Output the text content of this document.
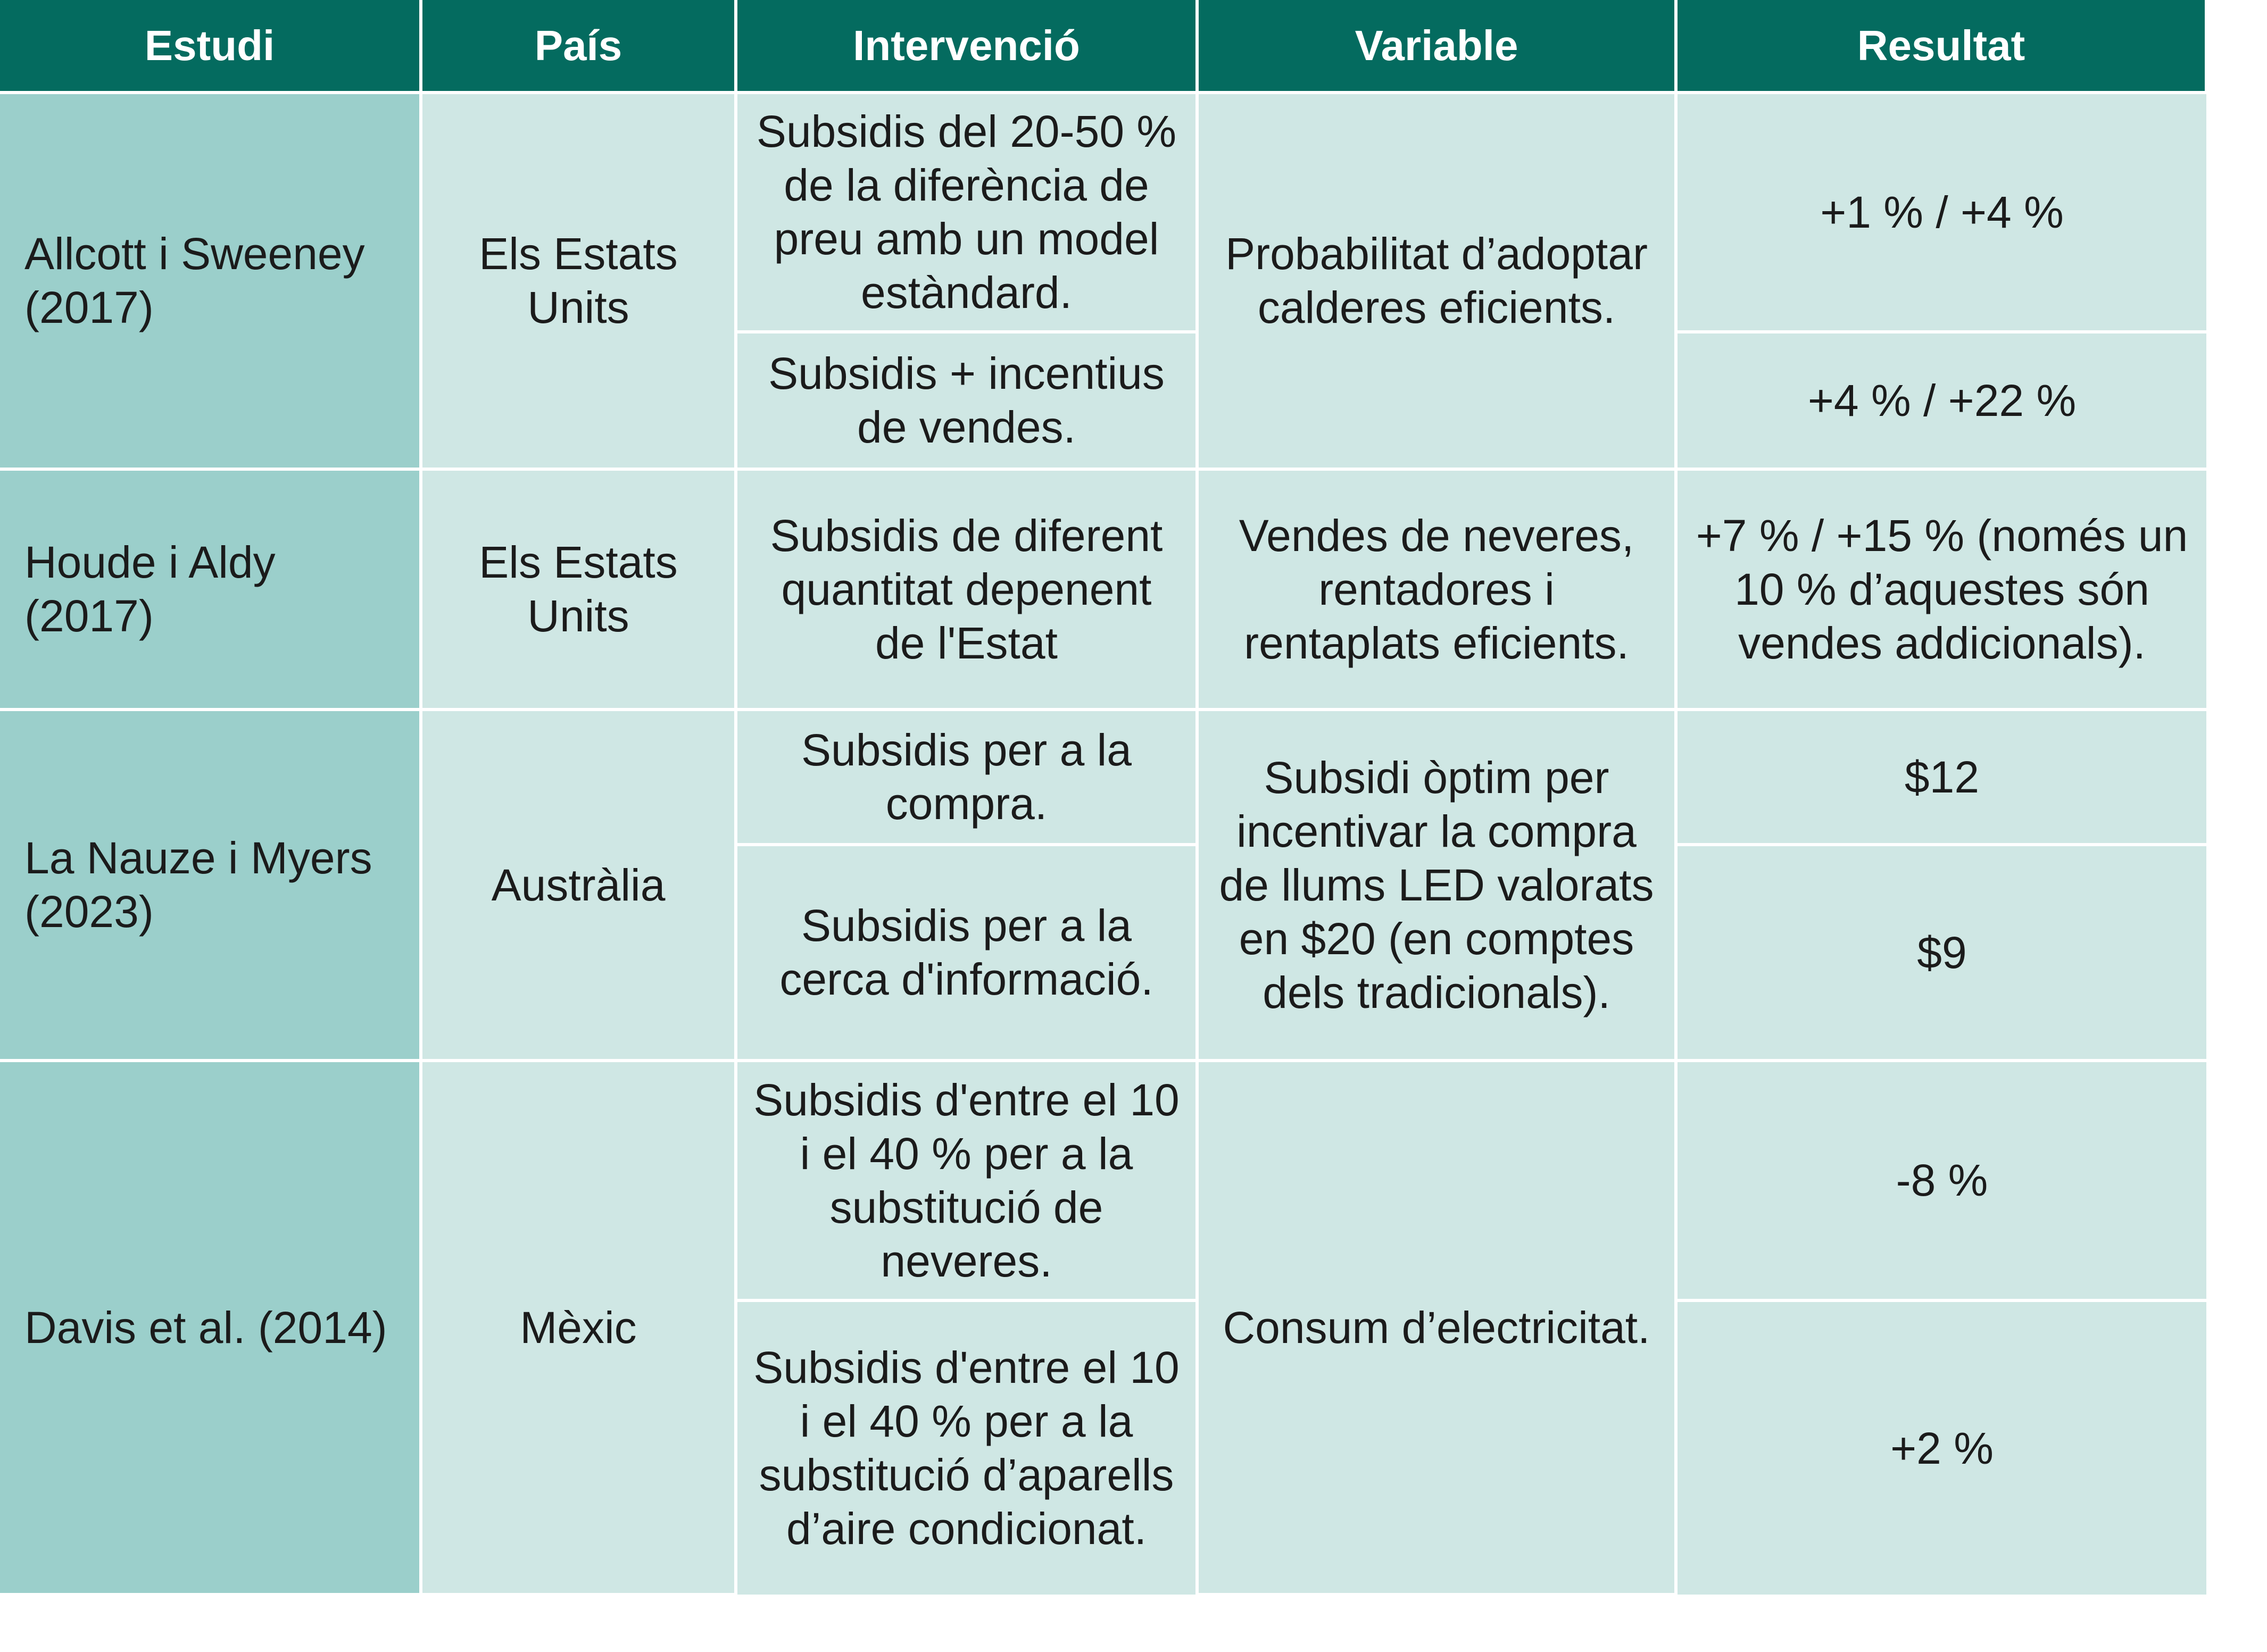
Estudi	País	Intervenció	Variable	Resultat
Allcott i Sweeney (2017)	Els Estats Units	Subsidis del 20-50 % de la diferència de preu amb un model estàndard.	Probabilitat d’adoptar calderes eficients.	+1 % / +4 %
		Subsidis + incentius de vendes.		+4 % / +22 %
Houde i Aldy (2017)	Els Estats Units	Subsidis de diferent quantitat depenent de l'Estat	Vendes de neveres, rentadores i rentaplats eficients.	+7 % / +15 % (només un 10 % d’aquestes són vendes addicionals).
La Nauze i Myers (2023)	Austràlia	Subsidis per a la compra.	Subsidi òptim per incentivar la compra de llums LED valorats en $20 (en comptes dels tradicionals).	$12
		Subsidis per a la cerca d'informació.		$9
Davis et al. (2014)	Mèxic	Subsidis d'entre el 10 i el 40 % per a la substitució de neveres.	Consum d’electricitat.	-8 %
		Subsidis d'entre el 10 i el 40 % per a la substitució d’aparells d’aire condicionat.		+2 %
